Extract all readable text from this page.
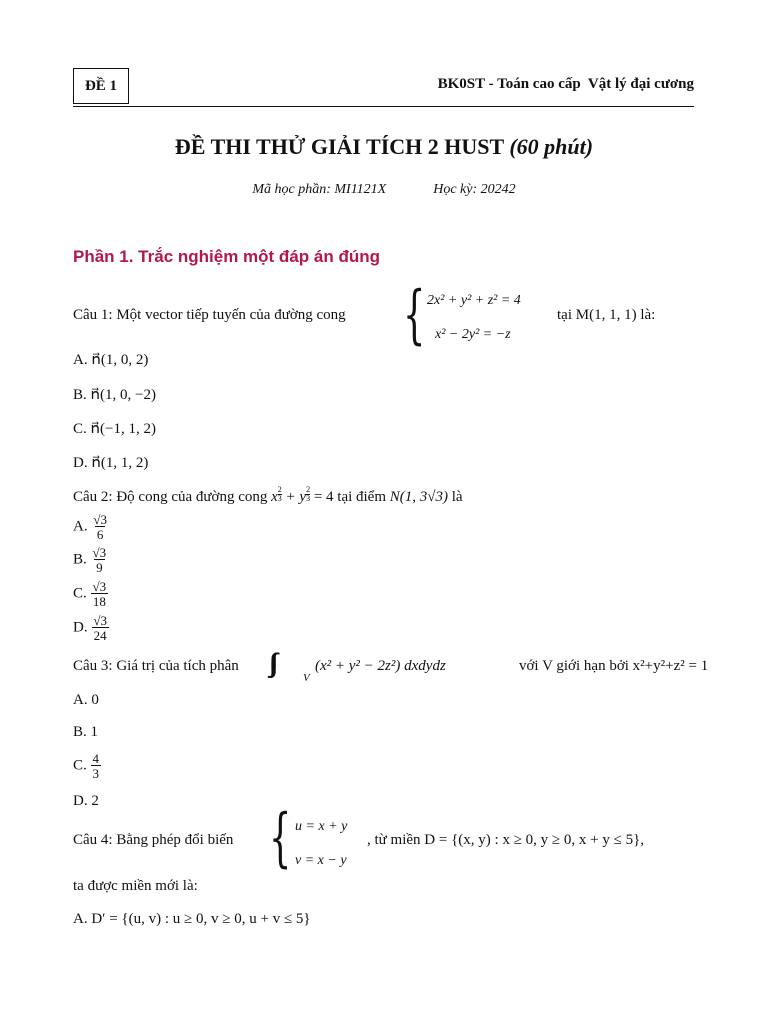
ĐỀ 1	BK0ST - Toán cao cấp  Vật lý đại cương
ĐỀ THI THỬ GIẢI TÍCH 2 HUST (60 phút)
Mã học phần: MI1121X	Học kỳ: 20242
Phần 1. Trắc nghiệm một đáp án đúng
Câu 1: Một vector tiếp tuyến của đường cong { 2x² + y² + z² = 4
x² − 2y² = −z
tại M(1, 1, 1) là:
A. n⃗(1, 0, 2)
B. n⃗(1, 0, −2)
C. n⃗(−1, 1, 2)
D. n⃗(1, 1, 2)
Câu 2: Độ cong của đường cong x $\frac{2}{3} + y \frac{2}{3} = 4$ tại điểm N(1, 3√3) là
A. $\frac{√3}{6}$
B. $\frac{√3}{9}$
C. $\frac{√3}{18}$
D. $\frac{√3}{24}$
Câu 3: Giá trị của tích phân ∫∫∫
V
(x² + y² − 2z²) dxdydz	với V giới hạn bởi x²+y²+z² = 1
A. 0
B. 1
C. $\frac{4}{3}$
D. 2
Câu 4: Bằng phép đổi biến { u = x + y
v = x − y
, từ miền D = {(x, y) : x ≥ 0, y ≥ 0, x + y ≤ 5},
ta được miền mới là:
A. D′ = {(u, v) : u ≥ 0, v ≥ 0, u + v ≤ 5}
